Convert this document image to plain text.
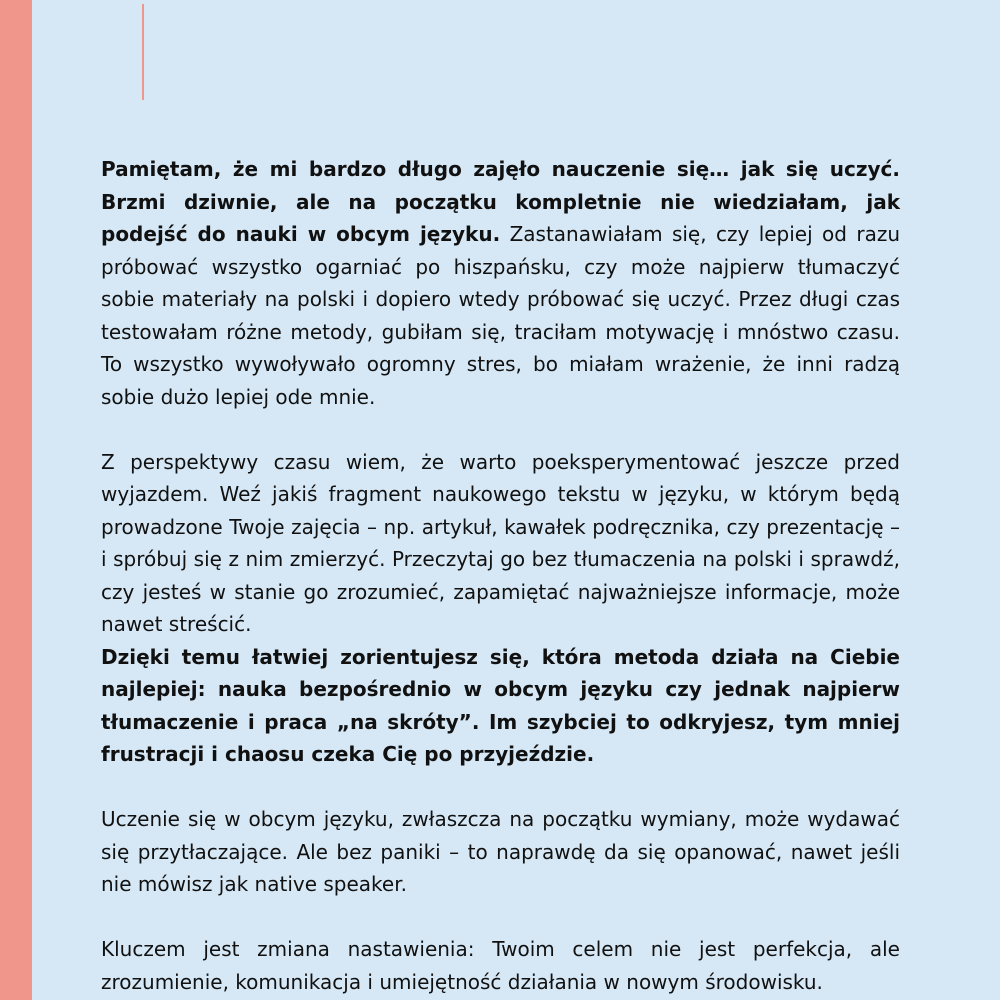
Pamiętam, że mi bardzo długo zajęło nauczenie się… jak się uczyć. Brzmi dziwnie, ale na początku kompletnie nie wiedziałam, jak podejść do nauki w obcym języku. Zastanawiałam się, czy lepiej od razu próbować wszystko ogarniać po hiszpańsku, czy może najpierw tłumaczyć sobie materiały na polski i dopiero wtedy próbować się uczyć. Przez długi czas testowałam różne metody, gubiłam się, traciłam motywację i mnóstwo czasu. To wszystko wywoływało ogromny stres, bo miałam wrażenie, że inni radzą sobie dużo lepiej ode mnie.

Z perspektywy czasu wiem, że warto poeksperymentować jeszcze przed wyjazdem. Weź jakiś fragment naukowego tekstu w języku, w którym będą prowadzone Twoje zajęcia – np. artykuł, kawałek podręcznika, czy prezentację – i spróbuj się z nim zmierzyć. Przeczytaj go bez tłumaczenia na polski i sprawdź, czy jesteś w stanie go zrozumieć, zapamiętać najważniejsze informacje, może nawet streścić.

Dzięki temu łatwiej zorientujesz się, która metoda działa na Ciebie najlepiej: nauka bezpośrednio w obcym języku czy jednak najpierw tłumaczenie i praca „na skróty”. Im szybciej to odkryjesz, tym mniej frustracji i chaosu czeka Cię po przyjeździe.

Uczenie się w obcym języku, zwłaszcza na początku wymiany, może wydawać się przytłaczające. Ale bez paniki – to naprawdę da się opanować, nawet jeśli nie mówisz jak native speaker.

Kluczem jest zmiana nastawienia: Twoim celem nie jest perfekcja, ale zrozumienie, komunikacja i umiejętność działania w nowym środowisku.
